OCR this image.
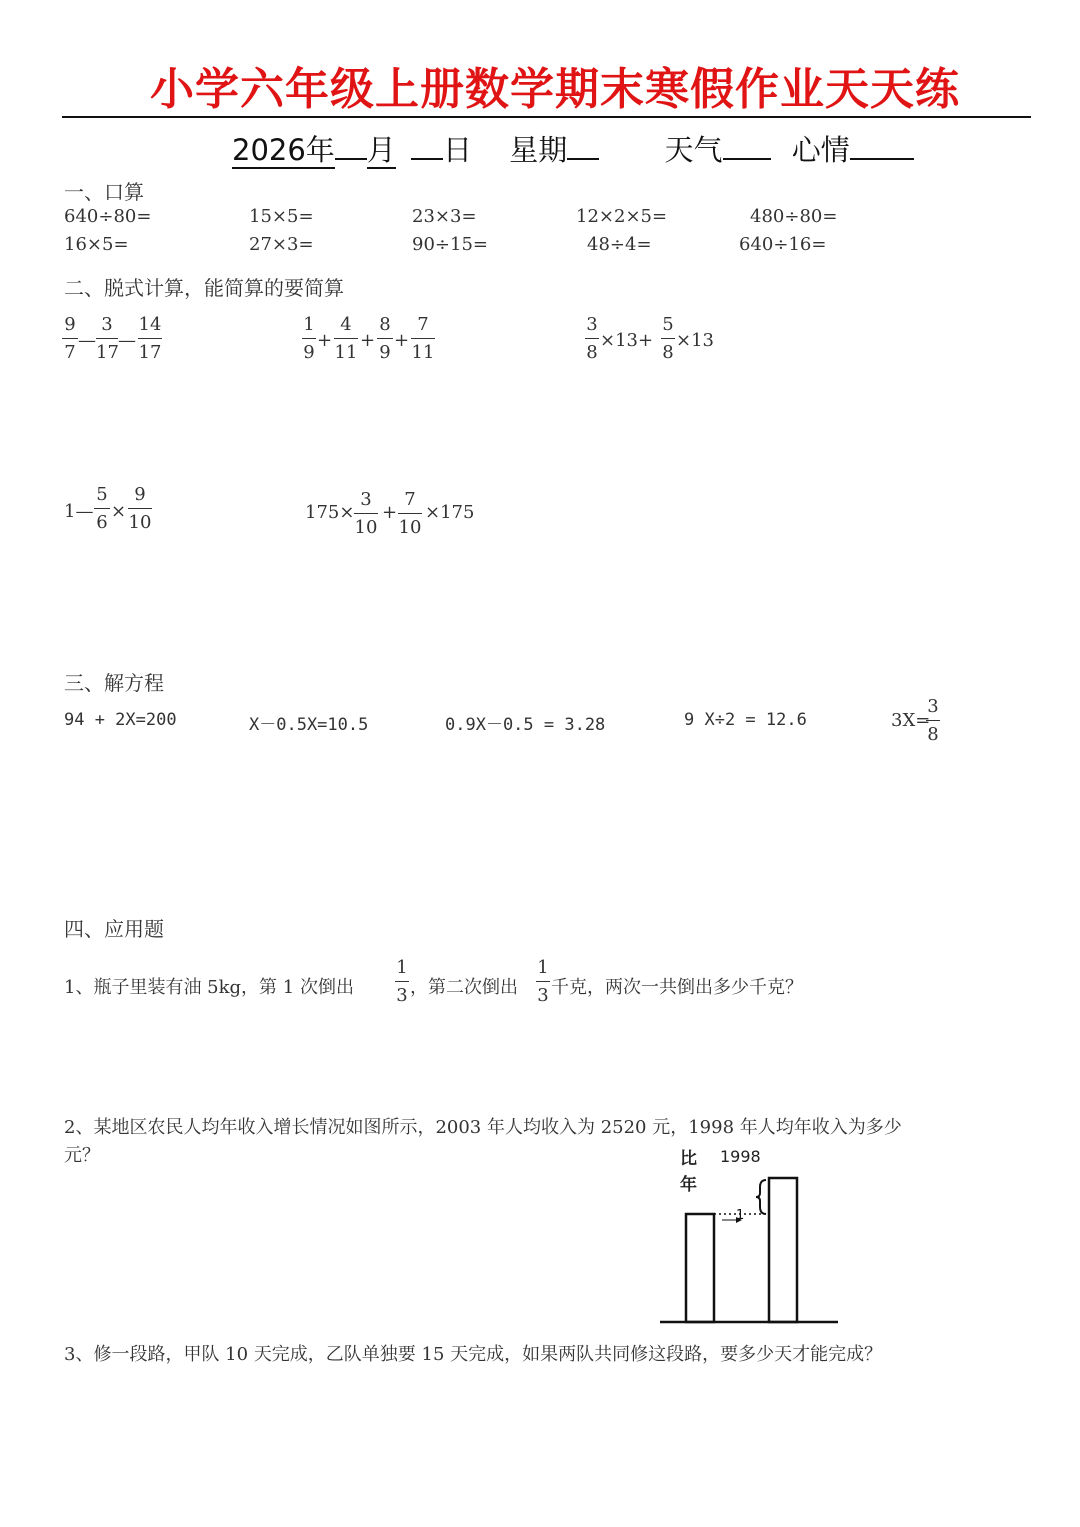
小学六年级上册数学期末寒假作业天天练
2026年 月 日 星期	天气 心情
一、口算
640÷80=	15×5=	23×3=	12×2×5=	480÷80=
16×5=	27×3=	90÷15=	48÷4=	640÷16=
二、脱式计算，能简算的要简算
9
7
—
3
17
—
14
17
1
9
+
4
11
+
8
9
+
7
11
3
8
×13+
5
8
×13
1—
5
6
×
9
10	175×
3
10
+
7
10
×175
三、解方程
94 + 2X=200	X－0.5X=10.5	0.9X－0.5 = 3.28	9 X÷2 = 12.6	3X=
3
8
四、应用题
1、瓶子里装有油 5kg，第 1 次倒出
1
3 ，第二次倒出
1
3 千克，两次一共倒出多少千克？
2、某地区农民人均年收入增长情况如图所示，2003 年人均收入为 2520 元，1998 年人均年收入为多少
元？	比 1998
年
1
3、修一段路，甲队 10 天完成，乙队单独要 15 天完成，如果两队共同修这段路，要多少天才能完成？
